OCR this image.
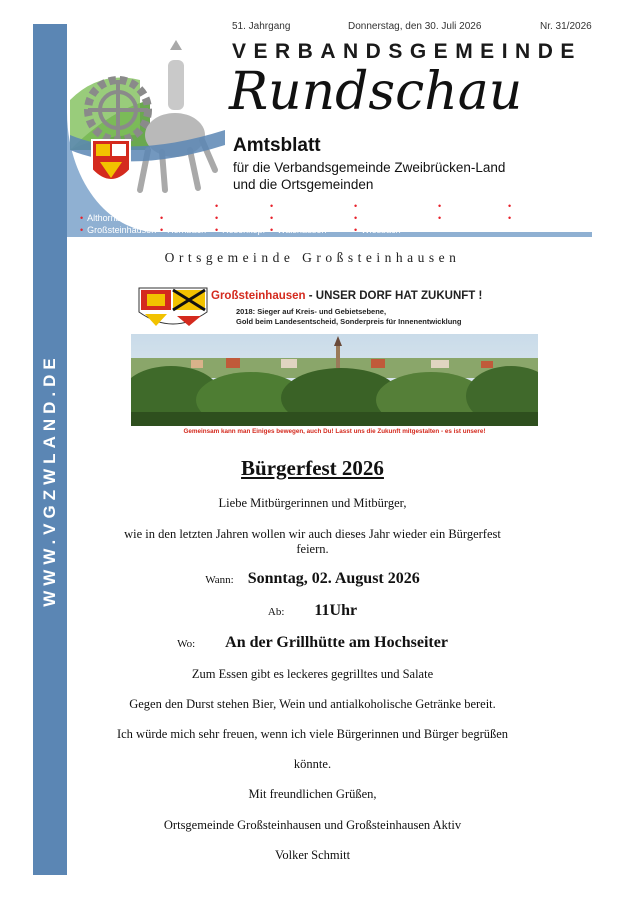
WWW.VGZWLAND.DE
51. Jahrgang	Donnerstag, den 30. Juli 2026	Nr. 31/2026
VERBANDSGEMEINDE
Rundschau
Amtsblatt
für die Verbandsgemeinde Zweibrücken-Land
und die Ortsgemeinden
• Althornbach
• Großsteinhausen
• Battweiler
• Hornbach
• Bechhofen
• Käshofen
• Rosenkopf
• Contwig
• Kleinbundenbach
• Walshausen
• Dellfeld
• Kleinsteinhausen
• Wiesbach
• Dietrichingen
• Mauschbach
• Großbundenbach
• Riedelberg
Ortsgemeinde Großsteinhausen
Großsteinhausen - UNSER DORF HAT ZUKUNFT !
2018: Sieger auf Kreis- und Gebietsebene,
Gold beim Landesentscheid, Sonderpreis für Innenentwicklung
Gemeinsam kann man Einiges bewegen, auch Du! Lasst uns die Zukunft mitgestalten - es ist unsere!
Bürgerfest 2026
Liebe Mitbürgerinnen und Mitbürger,
wie in den letzten Jahren wollen wir auch dieses Jahr wieder ein Bürgerfest
feiern.
Wann: Sonntag, 02. August 2026
Ab: 11Uhr
Wo: An der Grillhütte am Hochseiter
Zum Essen gibt es leckeres gegrilltes und Salate
Gegen den Durst stehen Bier, Wein und antialkoholische Getränke bereit.
Ich würde mich sehr freuen, wenn ich viele Bürgerinnen und Bürger begrüßen
könnte.
Mit freundlichen Grüßen,
Ortsgemeinde Großsteinhausen und Großsteinhausen Aktiv
Volker Schmitt
